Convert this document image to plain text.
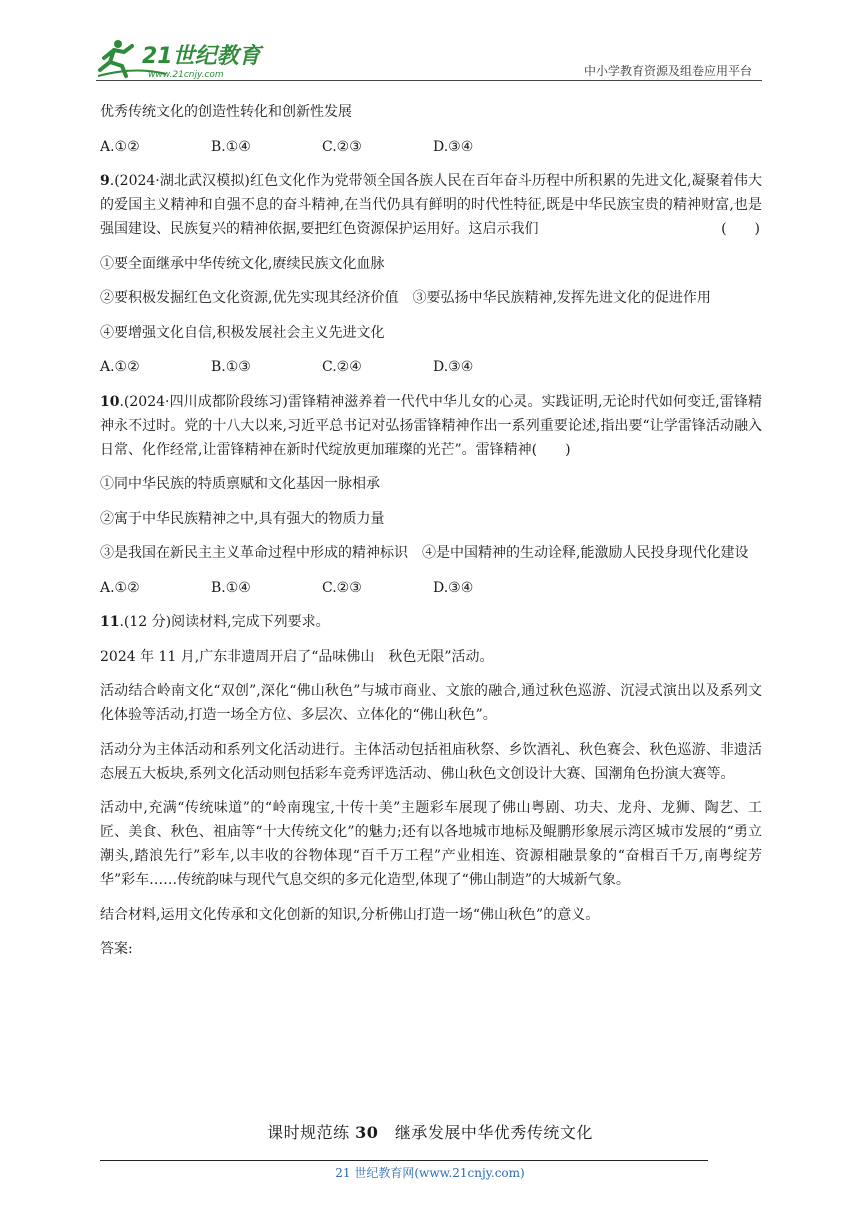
21世纪教育
www.21cnjy.com	中小学教育资源及组卷应用平台

优秀传统文化的创造性转化和创新性发展

A.①②	B.①④	C.②③	D.③④

9.(2024·湖北武汉模拟)红色文化作为党带领全国各族人民在百年奋斗历程中所积累的先进文化,凝聚着伟大的爱国主义精神和自强不息的奋斗精神,在当代仍具有鲜明的时代性特征,既是中华民族宝贵的精神财富,也是强国建设、民族复兴的精神依据,要把红色资源保护运用好。这启示我们	(　　)

①要全面继承中华传统文化,赓续民族文化血脉

②要积极发掘红色文化资源,优先实现其经济价值　③要弘扬中华民族精神,发挥先进文化的促进作用

④要增强文化自信,积极发展社会主义先进文化

A.①②	B.①③	C.②④	D.③④

10.(2024·四川成都阶段练习)雷锋精神滋养着一代代中华儿女的心灵。实践证明,无论时代如何变迁,雷锋精神永不过时。党的十八大以来,习近平总书记对弘扬雷锋精神作出一系列重要论述,指出要“让学雷锋活动融入日常、化作经常,让雷锋精神在新时代绽放更加璀璨的光芒”。雷锋精神(　　)

①同中华民族的特质禀赋和文化基因一脉相承

②寓于中华民族精神之中,具有强大的物质力量

③是我国在新民主主义革命过程中形成的精神标识　④是中国精神的生动诠释,能激励人民投身现代化建设

A.①②	B.①④	C.②③	D.③④

11.(12 分)阅读材料,完成下列要求。

2024 年 11 月,广东非遗周开启了“品味佛山　秋色无限”活动。

活动结合岭南文化“双创”,深化“佛山秋色”与城市商业、文旅的融合,通过秋色巡游、沉浸式演出以及系列文化体验等活动,打造一场全方位、多层次、立体化的“佛山秋色”。

活动分为主体活动和系列文化活动进行。主体活动包括祖庙秋祭、乡饮酒礼、秋色赛会、秋色巡游、非遗活态展五大板块,系列文化活动则包括彩车竞秀评选活动、佛山秋色文创设计大赛、国潮角色扮演大赛等。

活动中,充满“传统味道”的“岭南瑰宝,十传十美”主题彩车展现了佛山粤剧、功夫、龙舟、龙狮、陶艺、工匠、美食、秋色、祖庙等“十大传统文化”的魅力;还有以各地城市地标及鲲鹏形象展示湾区城市发展的“勇立潮头,踏浪先行”彩车,以丰收的谷物体现“百千万工程”产业相连、资源相融景象的“奋楫百千万,南粤绽芳华”彩车……传统韵味与现代气息交织的多元化造型,体现了“佛山制造”的大城新气象。

结合材料,运用文化传承和文化创新的知识,分析佛山打造一场“佛山秋色”的意义。

答案:

课时规范练 30　继承发展中华优秀传统文化
21 世纪教育网(www.21cnjy.com)
